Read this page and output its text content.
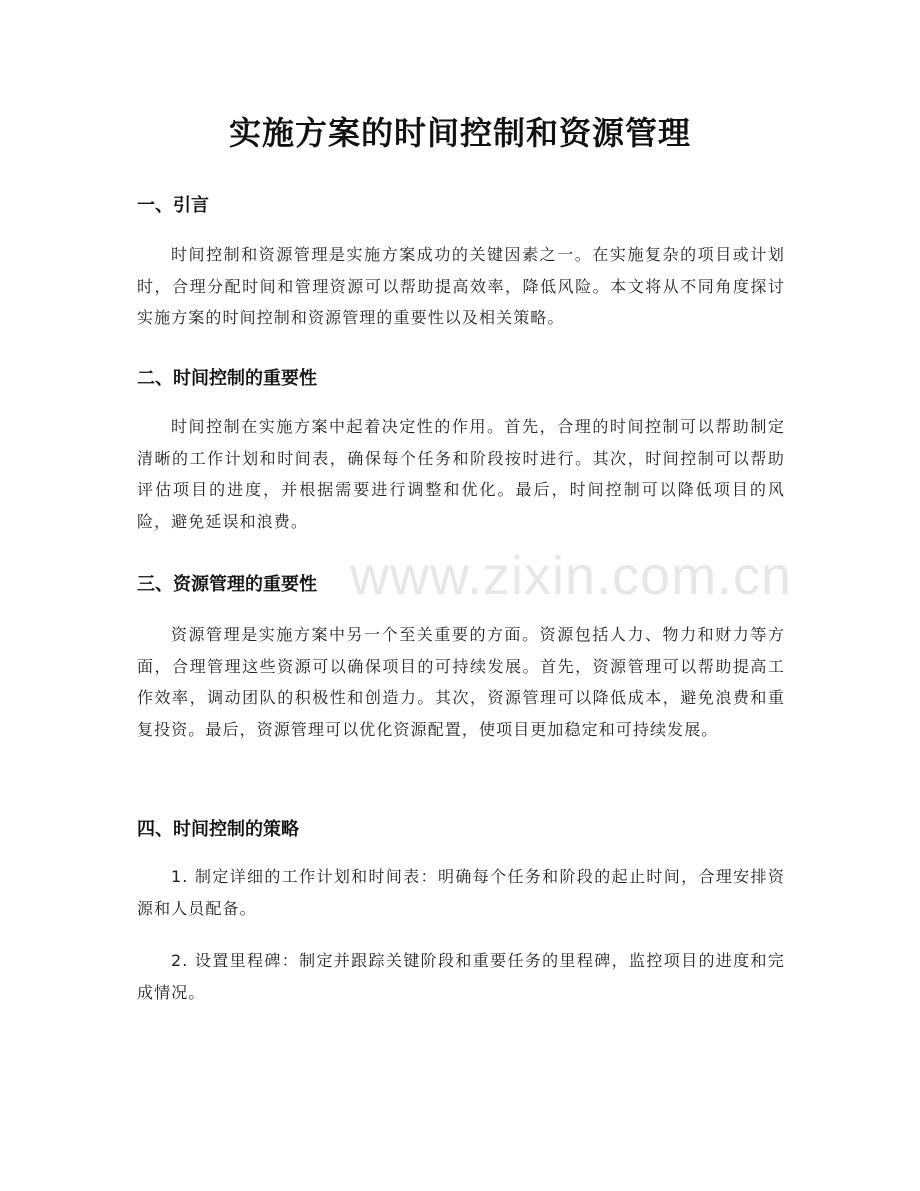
实施方案的时间控制和资源管理
一、引言

时间控制和资源管理是实施方案成功的关键因素之一。在实施复杂的项目或计划时，合理分配时间和管理资源可以帮助提高效率，降低风险。本文将从不同角度探讨实施方案的时间控制和资源管理的重要性以及相关策略。

二、时间控制的重要性

时间控制在实施方案中起着决定性的作用。首先，合理的时间控制可以帮助制定清晰的工作计划和时间表，确保每个任务和阶段按时进行。其次，时间控制可以帮助评估项目的进度，并根据需要进行调整和优化。最后，时间控制可以降低项目的风险，避免延误和浪费。

三、资源管理的重要性

资源管理是实施方案中另一个至关重要的方面。资源包括人力、物力和财力等方面，合理管理这些资源可以确保项目的可持续发展。首先，资源管理可以帮助提高工作效率，调动团队的积极性和创造力。其次，资源管理可以降低成本，避免浪费和重复投资。最后，资源管理可以优化资源配置，使项目更加稳定和可持续发展。

四、时间控制的策略

1. 制定详细的工作计划和时间表：明确每个任务和阶段的起止时间，合理安排资源和人员配备。

2. 设置里程碑：制定并跟踪关键阶段和重要任务的里程碑，监控项目的进度和完成情况。

www.zixin.com.cn
